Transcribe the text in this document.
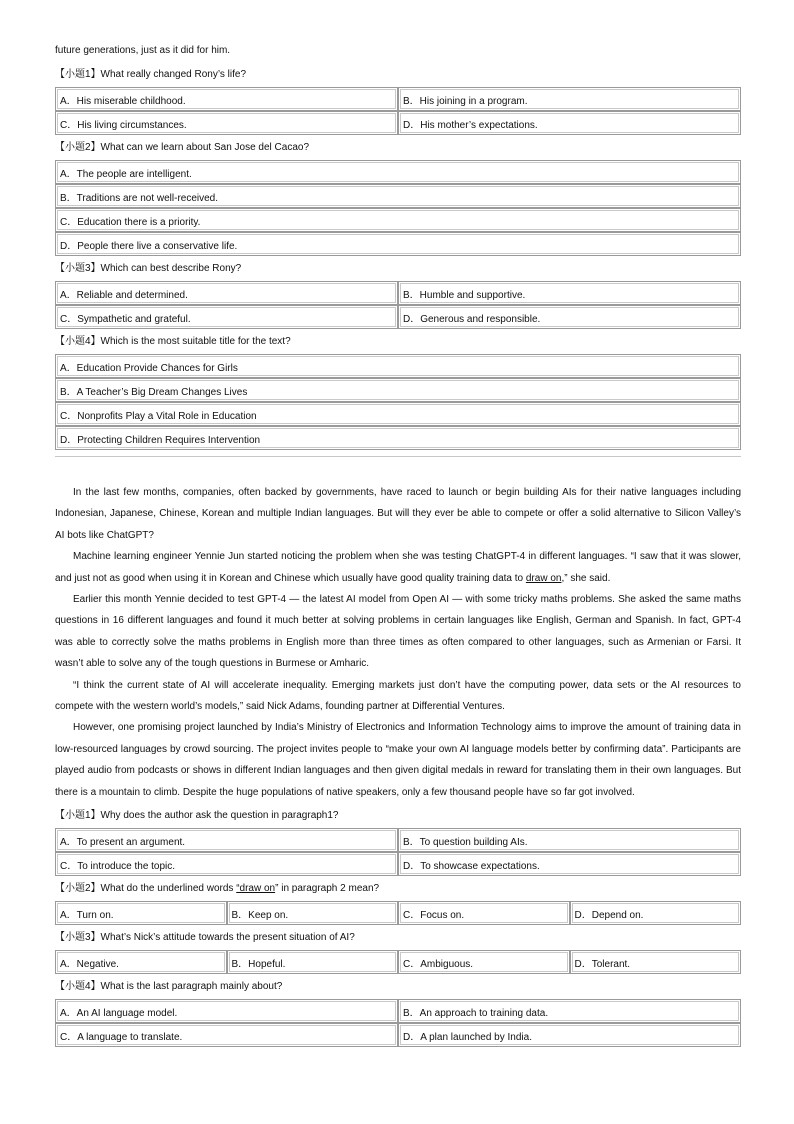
future generations, just as it did for him.
【小题1】What really changed Rony’s life?
A．His miserable childhood.	B．His joining in a program.
C．His living circumstances.	D．His mother’s expectations.
【小题2】What can we learn about San Jose del Cacao?
A．The people are intelligent.
B．Traditions are not well-received.
C．Education there is a priority.
D．People there live a conservative life.
【小题3】Which can best describe Rony?
A．Reliable and determined.	B．Humble and supportive.
C．Sympathetic and grateful.	D．Generous and responsible.
【小题4】Which is the most suitable title for the text?
A．Education Provide Chances for Girls
B．A Teacher’s Big Dream Changes Lives
C．Nonprofits Play a Vital Role in Education
D．Protecting Children Requires Intervention

In the last few months, companies, often backed by governments, have raced to launch or begin building AIs for their native languages including Indonesian, Japanese, Chinese, Korean and multiple Indian languages. But will they ever be able to compete or offer a solid alternative to Silicon Valley’s AI bots like ChatGPT?

Machine learning engineer Yennie Jun started noticing the problem when she was testing ChatGPT-4 in different languages. “I saw that it was slower, and just not as good when using it in Korean and Chinese which usually have good quality training data to draw on,” she said.

Earlier this month Yennie decided to test GPT-4 — the latest AI model from Open AI — with some tricky maths problems. She asked the same maths questions in 16 different languages and found it much better at solving problems in certain languages like English, German and Spanish. In fact, GPT-4 was able to correctly solve the maths problems in English more than three times as often compared to other languages, such as Armenian or Farsi. It wasn’t able to solve any of the tough questions in Burmese or Amharic.

“I think the current state of AI will accelerate inequality. Emerging markets just don’t have the computing power, data sets or the AI resources to compete with the western world’s models,” said Nick Adams, founding partner at Differential Ventures.

However, one promising project launched by India’s Ministry of Electronics and Information Technology aims to improve the amount of training data in low-resourced languages by crowd sourcing. The project invites people to “make your own AI language models better by confirming data”. Participants are played audio from podcasts or shows in different Indian languages and then given digital medals in reward for translating them in their own languages. But there is a mountain to climb. Despite the huge populations of native speakers, only a few thousand people have so far got involved.

【小题1】Why does the author ask the question in paragraph1?
A．To present an argument.	B．To question building AIs.
C．To introduce the topic.	D．To showcase expectations.
【小题2】What do the underlined words “draw on” in paragraph 2 mean?
A．Turn on.	B．Keep on.	C．Focus on.	D．Depend on.
【小题3】What’s Nick’s attitude towards the present situation of AI?
A．Negative.	B．Hopeful.	C．Ambiguous.	D．Tolerant.
【小题4】What is the last paragraph mainly about?
A．An AI language model.	B．An approach to training data.
C．A language to translate.	D．A plan launched by India.
